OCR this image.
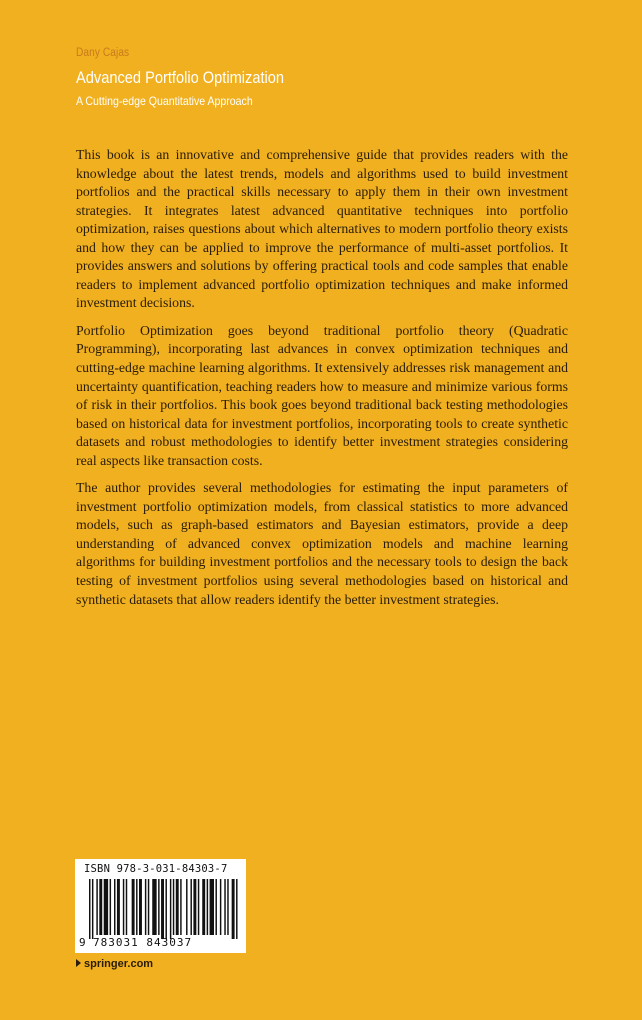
Dany Cajas
Advanced Portfolio Optimization
A Cutting-edge Quantitative Approach

This book is an innovative and comprehensive guide that provides readers with the knowledge about the latest trends, models and algorithms used to build investment portfolios and the practical skills necessary to apply them in their own investment strategies. It integrates latest advanced quantitative techniques into portfolio optimization, raises questions about which alternatives to modern portfolio theory exists and how they can be applied to improve the performance of multi-asset portfolios. It provides answers and solutions by offering practical tools and code samples that enable readers to implement advanced portfolio optimization techniques and make informed investment decisions.

Portfolio Optimization goes beyond traditional portfolio theory (Quadratic Programming), incorporating last advances in convex optimization techniques and cutting-edge machine learning algorithms. It extensively addresses risk management and uncertainty quantification, teaching readers how to measure and minimize various forms of risk in their portfolios. This book goes beyond traditional back testing methodologies based on historical data for investment portfolios, incorporating tools to create synthetic datasets and robust methodologies to identify better investment strategies considering real aspects like transaction costs.

The author provides several methodologies for estimating the input parameters of investment portfolio optimization models, from classical statistics to more advanced models, such as graph-based estimators and Bayesian estimators, provide a deep understanding of advanced convex optimization models and machine learning algorithms for building investment portfolios and the necessary tools to design the back testing of investment portfolios using several methodologies based on historical and synthetic datasets that allow readers identify the better investment strategies.

ISBN 978-3-031-84303-7
9 783031 843037
springer.com
